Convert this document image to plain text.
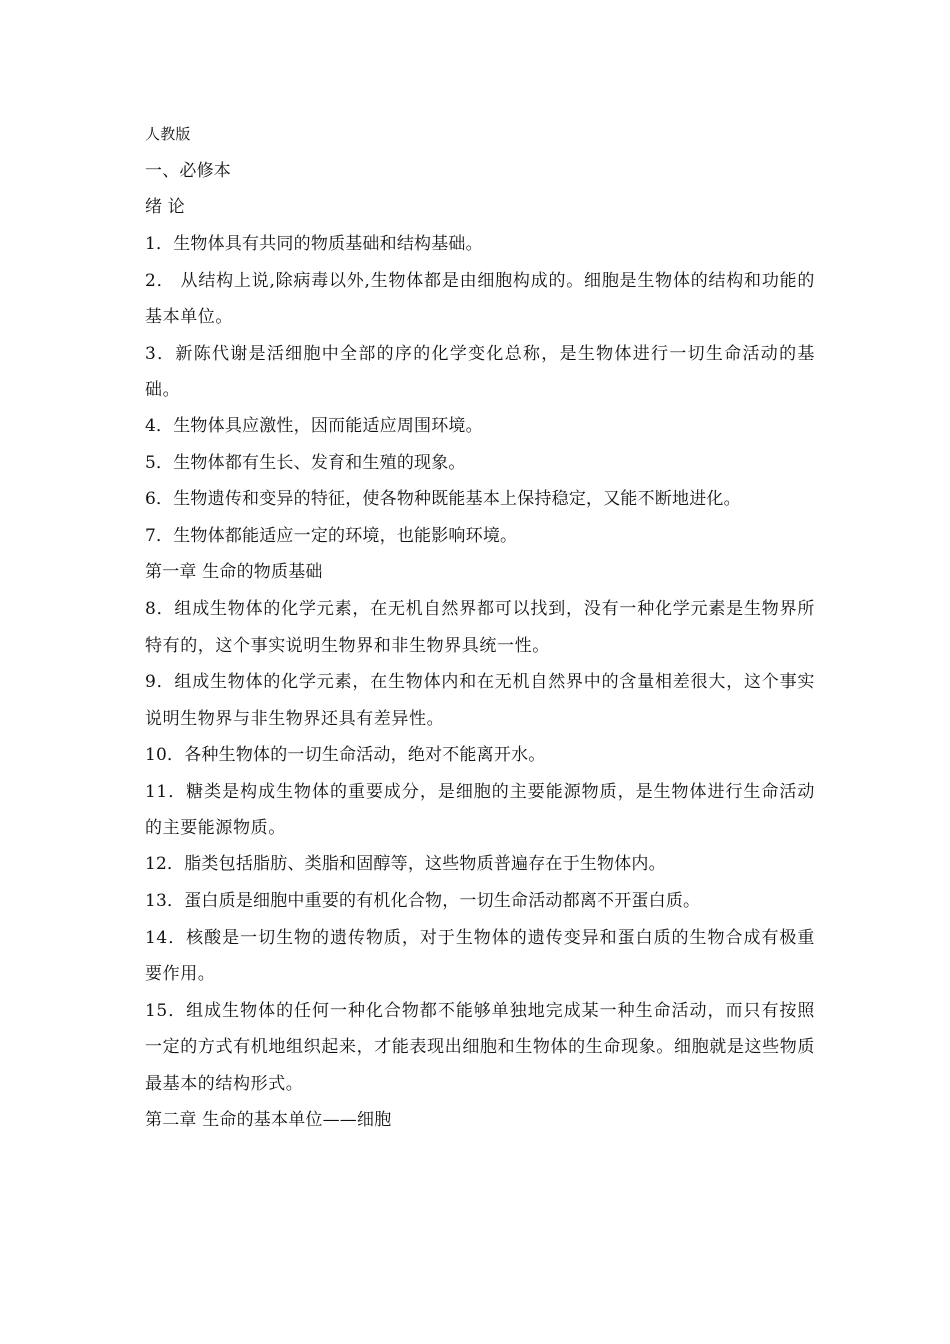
人教版
一、必修本
绪 论
1．生物体具有共同的物质基础和结构基础。

2． 从结构上说,除病毒以外,生物体都是由细胞构成的。细胞是生物体的结构和功能的基本单位。

3．新陈代谢是活细胞中全部的序的化学变化总称，是生物体进行一切生命活动的基础。

4．生物体具应激性，因而能适应周围环境。
5．生物体都有生长、发育和生殖的现象。
6．生物遗传和变异的特征，使各物种既能基本上保持稳定，又能不断地进化。
7．生物体都能适应一定的环境，也能影响环境。
第一章 生命的物质基础

8．组成生物体的化学元素，在无机自然界都可以找到，没有一种化学元素是生物界所特有的，这个事实说明生物界和非生物界具统一性。

9．组成生物体的化学元素，在生物体内和在无机自然界中的含量相差很大，这个事实说明生物界与非生物界还具有差异性。

10．各种生物体的一切生命活动，绝对不能离开水。

11．糖类是构成生物体的重要成分，是细胞的主要能源物质，是生物体进行生命活动的主要能源物质。

12．脂类包括脂肪、类脂和固醇等，这些物质普遍存在于生物体内。
13．蛋白质是细胞中重要的有机化合物，一切生命活动都离不开蛋白质。

14．核酸是一切生物的遗传物质，对于生物体的遗传变异和蛋白质的生物合成有极重要作用。

15．组成生物体的任何一种化合物都不能够单独地完成某一种生命活动，而只有按照一定的方式有机地组织起来，才能表现出细胞和生物体的生命现象。细胞就是这些物质最基本的结构形式。

第二章 生命的基本单位——细胞
